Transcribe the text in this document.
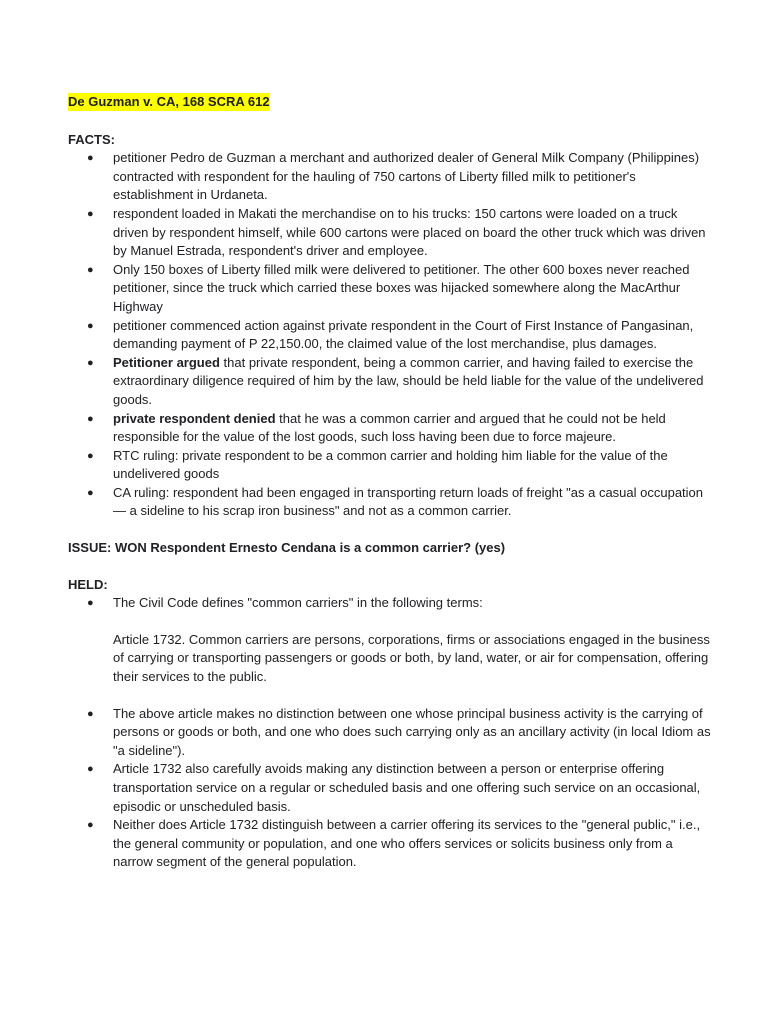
De Guzman v. CA, 168 SCRA 612

FACTS:

● petitioner Pedro de Guzman a merchant and authorized dealer of General Milk Company (Philippines) contracted with respondent for the hauling of 750 cartons of Liberty filled milk to petitioner's establishment in Urdaneta.
● respondent loaded in Makati the merchandise on to his trucks: 150 cartons were loaded on a truck driven by respondent himself, while 600 cartons were placed on board the other truck which was driven by Manuel Estrada, respondent's driver and employee.
● Only 150 boxes of Liberty filled milk were delivered to petitioner. The other 600 boxes never reached petitioner, since the truck which carried these boxes was hijacked somewhere along the MacArthur Highway
● petitioner commenced action against private respondent in the Court of First Instance of Pangasinan, demanding payment of P 22,150.00, the claimed value of the lost merchandise, plus damages.
● Petitioner argued that private respondent, being a common carrier, and having failed to exercise the extraordinary diligence required of him by the law, should be held liable for the value of the undelivered goods.
● private respondent denied that he was a common carrier and argued that he could not be held responsible for the value of the lost goods, such loss having been due to force majeure.
● RTC ruling: private respondent to be a common carrier and holding him liable for the value of the undelivered goods
● CA ruling: respondent had been engaged in transporting return loads of freight "as a casual occupation — a sideline to his scrap iron business" and not as a common carrier.

ISSUE: WON Respondent Ernesto Cendana is a common carrier? (yes)

HELD:

● The Civil Code defines "common carriers" in the following terms:
Article 1732. Common carriers are persons, corporations, firms or associations engaged in the business of carrying or transporting passengers or goods or both, by land, water, or air for compensation, offering their services to the public.
● The above article makes no distinction between one whose principal business activity is the carrying of persons or goods or both, and one who does such carrying only as an ancillary activity (in local Idiom as "a sideline").
● Article 1732 also carefully avoids making any distinction between a person or enterprise offering transportation service on a regular or scheduled basis and one offering such service on an occasional, episodic or unscheduled basis.
● Neither does Article 1732 distinguish between a carrier offering its services to the "general public," i.e., the general community or population, and one who offers services or solicits business only from a narrow segment of the general population.
